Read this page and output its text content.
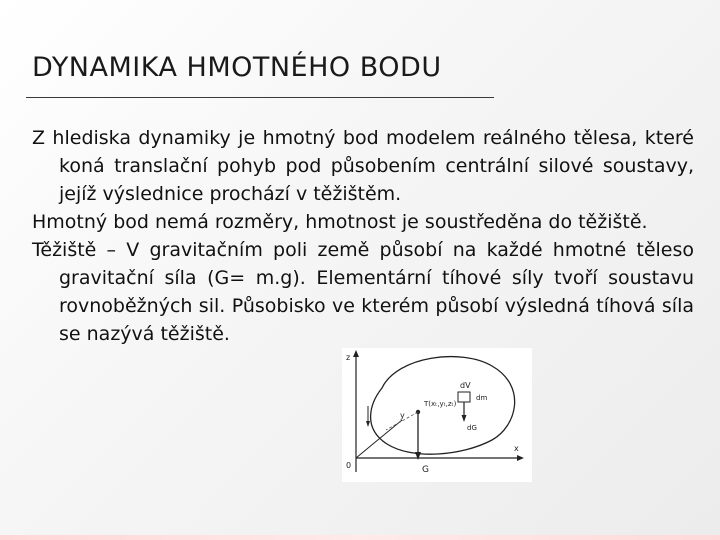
DYNAMIKA HMOTNÉHO BODU

Z hlediska dynamiky je hmotný bod modelem reálného tělesa, které koná translační pohyb pod působením centrální silové soustavy, jejíž výslednice prochází v těžištěm.

Hmotný bod nemá rozměry, hmotnost je soustředěna do těžiště.

Těžiště – V gravitačním poli země působí na každé hmotné těleso gravitační síla (G= m.g). Elementární tíhové síly tvoří soustavu rovnoběžných sil. Působisko ve kterém působí výsledná tíhová síla se nazývá těžiště.

dV
dm
T(xₜ,yₜ,zₜ)
G
dG
x
z
y
0
